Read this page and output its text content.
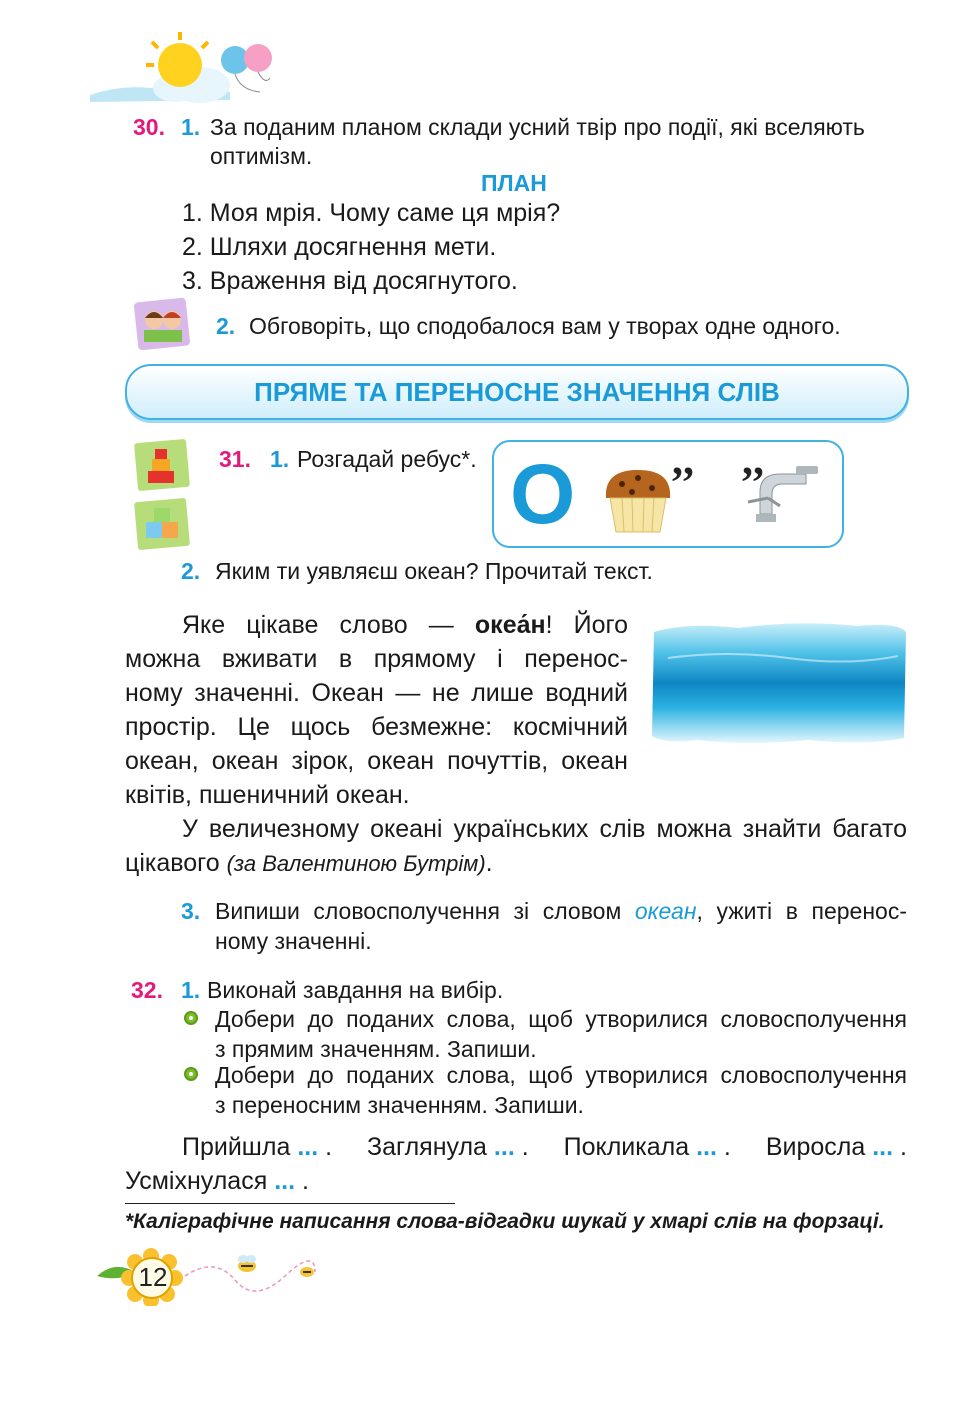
30. 1. За поданим планом склади усний твір про події, які вселяють
оптимізм.
ПЛАН
1. Моя мрія. Чому саме ця мрія?
2. Шляхи досягнення мети.
3. Враження від досягнутого.
2. Обговоріть, що сподобалося вам у творах одне одного.
ПРЯМЕ ТА ПЕРЕНОСНЕ ЗНАЧЕННЯ СЛІВ
31. 1. Розгадай ребус*. О ,, ,,
2. Яким ти уявляєш океан? Прочитай текст.
Яке цікаве слово — океа́н! Його
можна вживати в прямому і перенос-
ному значенні. Океан — не лише водний
простір. Це щось безмежне: космічний
океан, океан зірок, океан почуттів, океан
квітів, пшеничний океан.
У величезному океані українських слів можна знайти багато
цікавого (за Валентиною Бутрім).
3. Випиши словосполучення зі словом океан, ужиті в перенос-
ному значенні.
32. 1. Виконай завдання на вибір.
Добери до поданих слова, щоб утворилися словосполучення
з прямим значенням. Запиши.
Добери до поданих слова, щоб утворилися словосполучення
з переносним значенням. Запиши.
Прийшла ... . Заглянула ... . Покликала ... . Виросла ... .
Усміхнулася ... .
*Каліграфічне написання слова-відгадки шукай у хмарі слів на форзаці.
12
